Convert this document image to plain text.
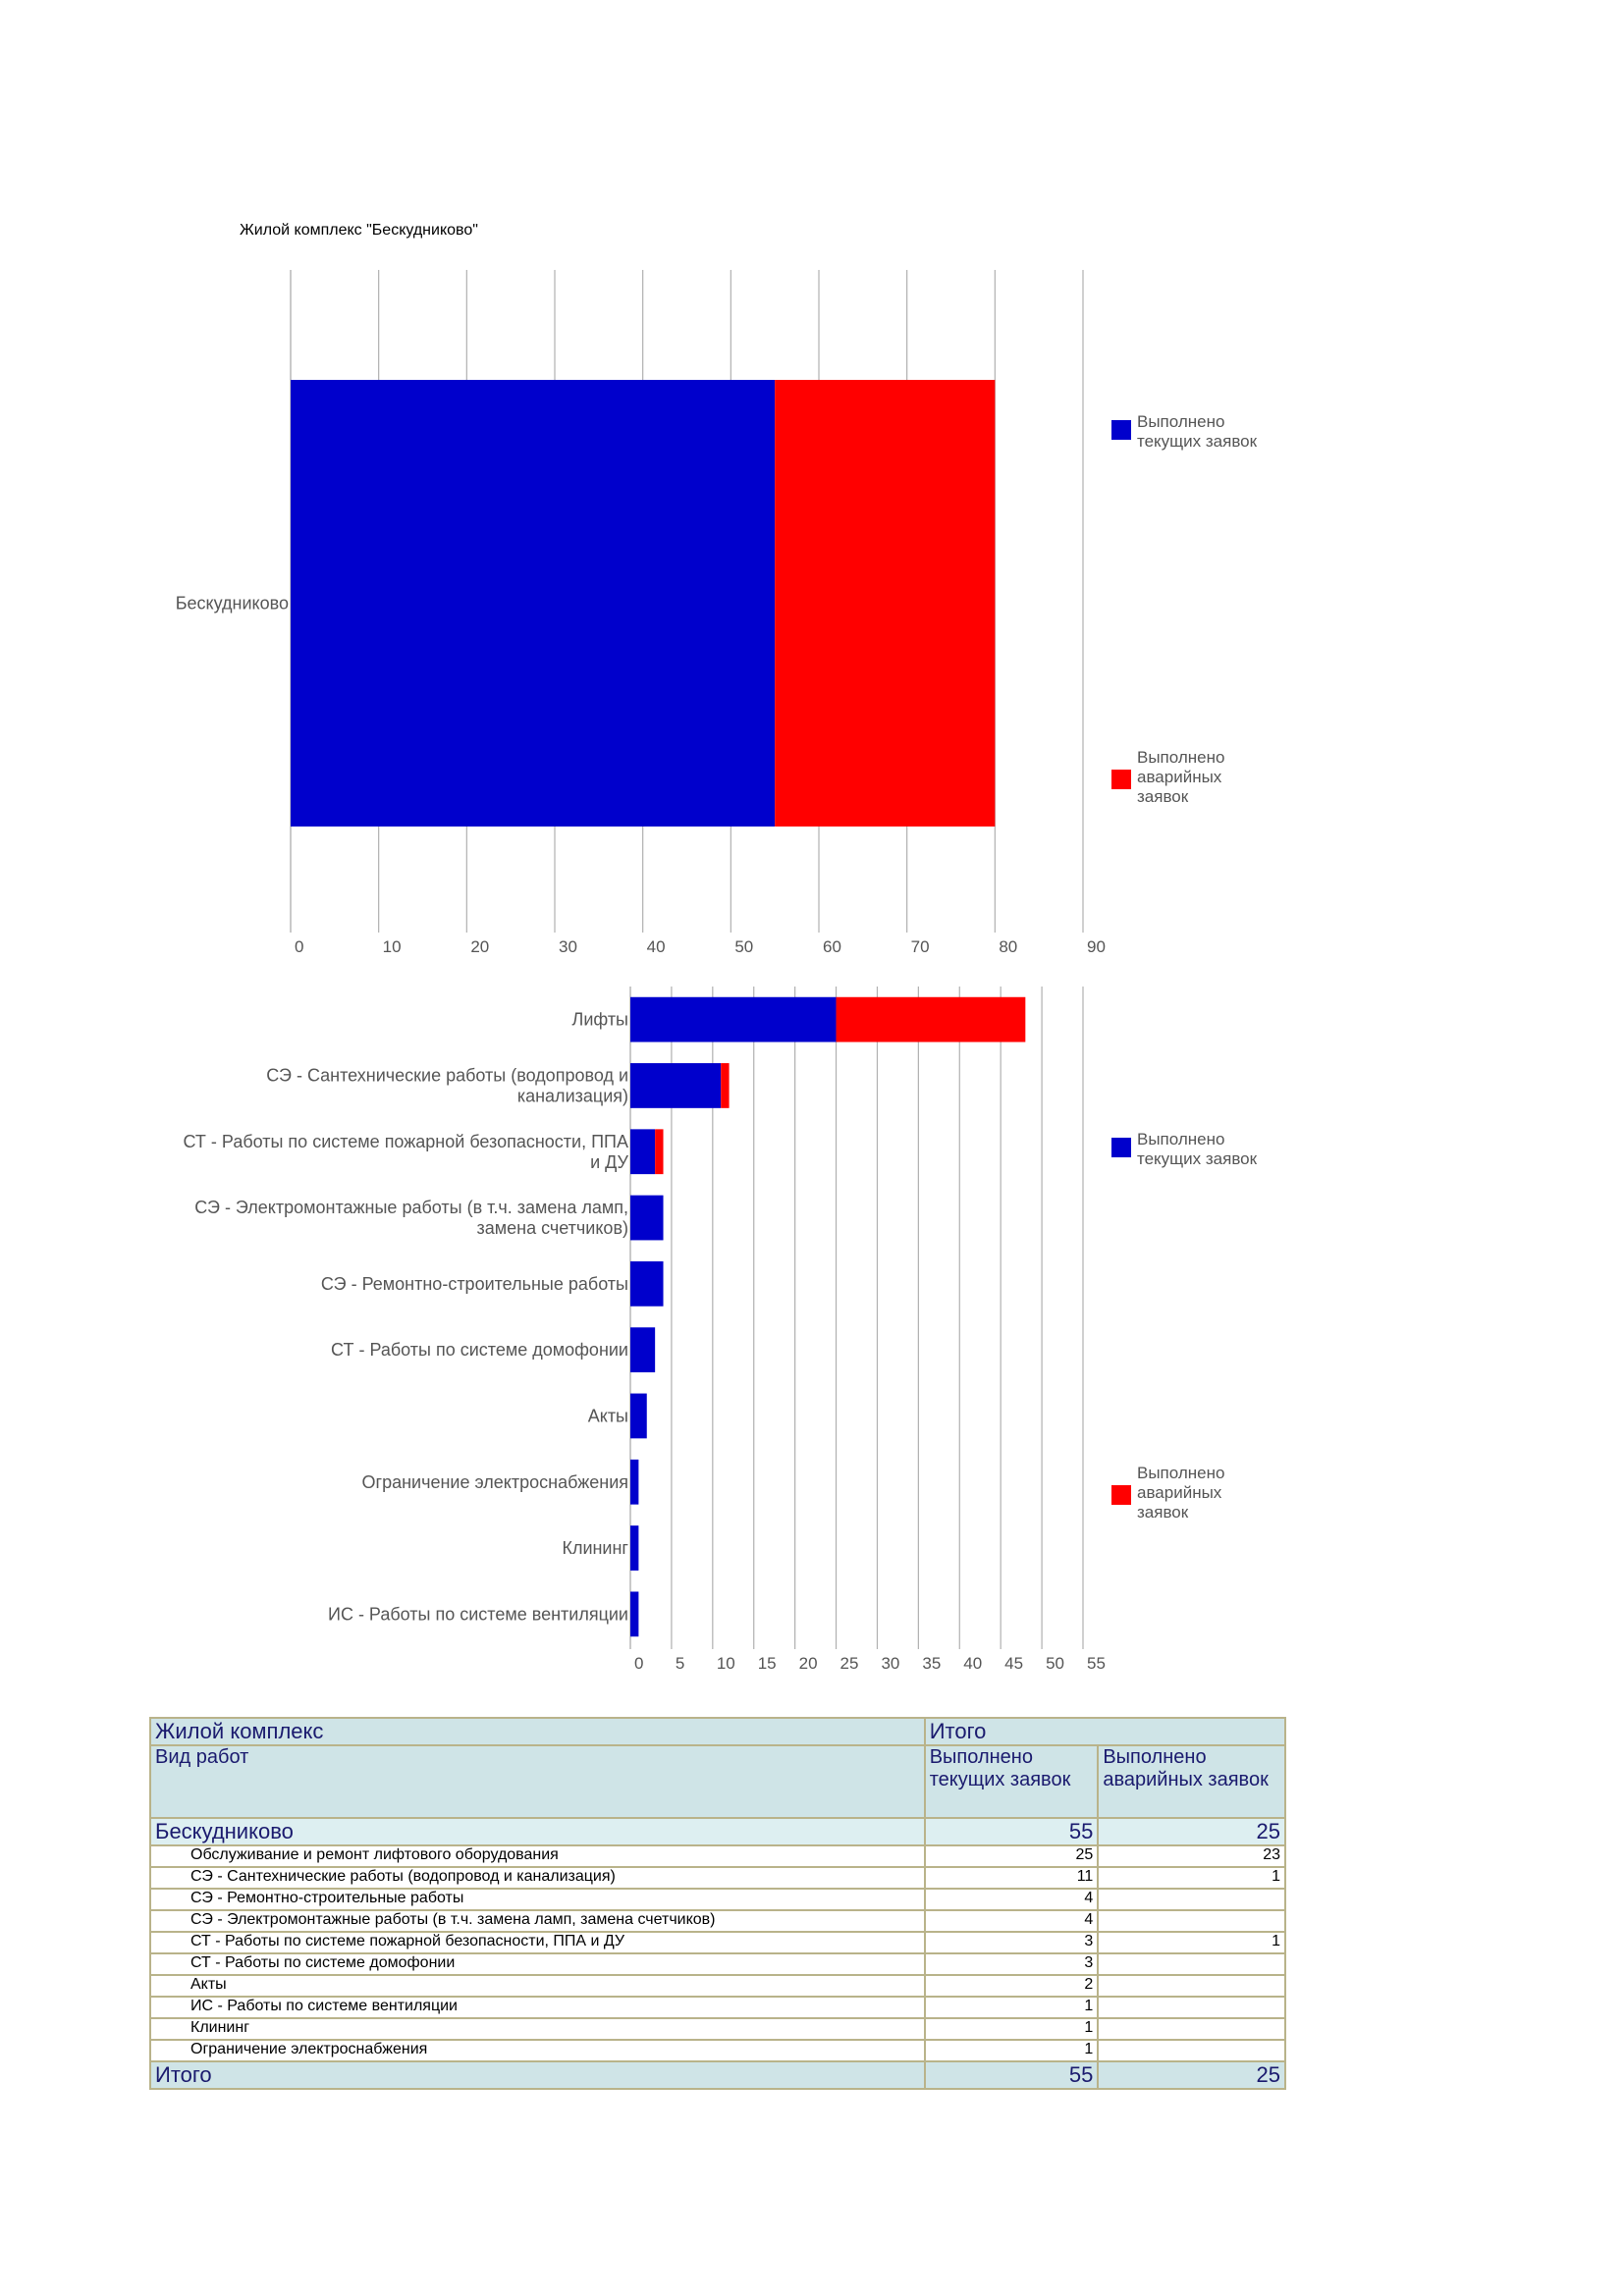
Жилой комплекс "Бескудниково"
0	10	20	30	40	50	60	70	80	90
Бескудниково
Выполнено
текущих заявок
Выполнено
аварийных
заявок
0 5 10 15 20 25 30 35 40 45 50 55
Лифты
СЭ - Сантехнические работы (водопровод и
канализация)
СТ - Работы по системе пожарной безопасности, ППА
и ДУ
СЭ - Электромонтажные работы (в т.ч. замена ламп,
замена счетчиков)
СЭ - Ремонтно-строительные работы
СТ - Работы по системе домофонии
Акты
Ограничение электроснабжения
Клининг
ИС - Работы по системе вентиляции
Выполнено
текущих заявок
Выполнено
аварийных
заявок
Жилой комплекс	Итого	
Вид работ	Выполнено текущих заявок	Выполнено аварийных заявок
Бескудниково	55	25
Обслуживание и ремонт лифтового оборудования	25	23
СЭ - Сантехнические работы (водопровод и канализация)	11	1
СЭ - Ремонтно-строительные работы	4	
СЭ - Электромонтажные работы (в т.ч. замена ламп, замена счетчиков)	4	
СТ - Работы по системе пожарной безопасности, ППА и ДУ	3	1
СТ - Работы по системе домофонии	3	
Акты	2	
ИС - Работы по системе вентиляции	1	
Клининг	1	
Ограничение электроснабжения	1	
Итого	55	25
